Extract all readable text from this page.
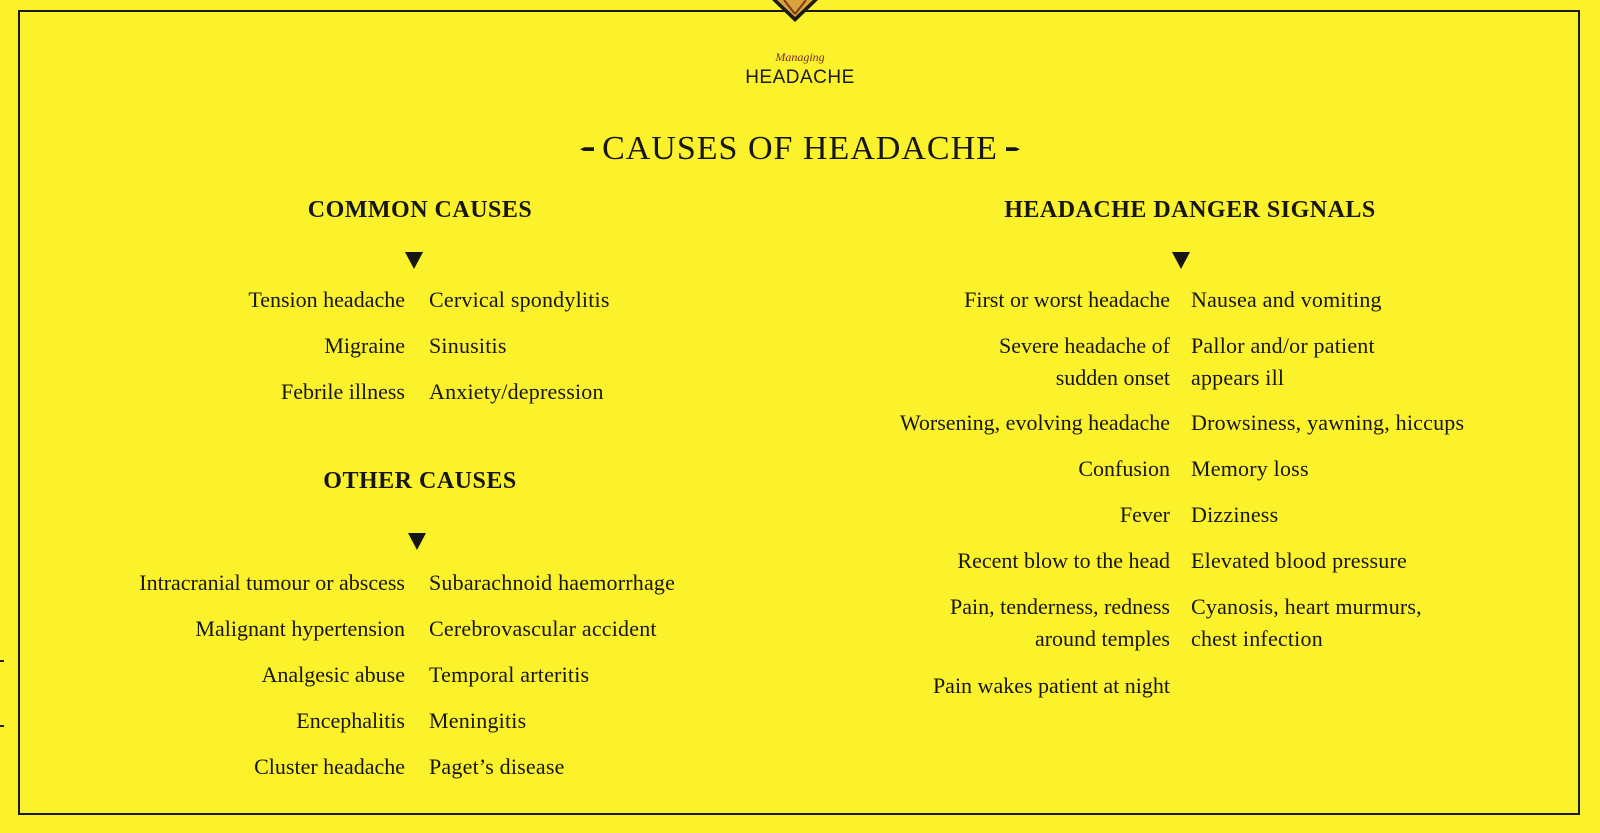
Managing
HEADACHE
CAUSES OF HEADACHE
COMMON CAUSES
Tension headache Cervical spondylitis
Migraine Sinusitis
Febrile illness Anxiety/depression
OTHER CAUSES
Intracranial tumour or abscess Subarachnoid haemorrhage
Malignant hypertension Cerebrovascular accident
Analgesic abuse Temporal arteritis
Encephalitis Meningitis
Cluster headache Paget’s disease
HEADACHE DANGER SIGNALS
First or worst headache Nausea and vomiting
Severe headache of
sudden onset
Pallor and/or patient
appears ill
Worsening, evolving headache Drowsiness, yawning, hiccups
Confusion Memory loss
Fever Dizziness
Recent blow to the head Elevated blood pressure
Pain, tenderness, redness
around temples
Cyanosis, heart murmurs,
chest infection
Pain wakes patient at night
